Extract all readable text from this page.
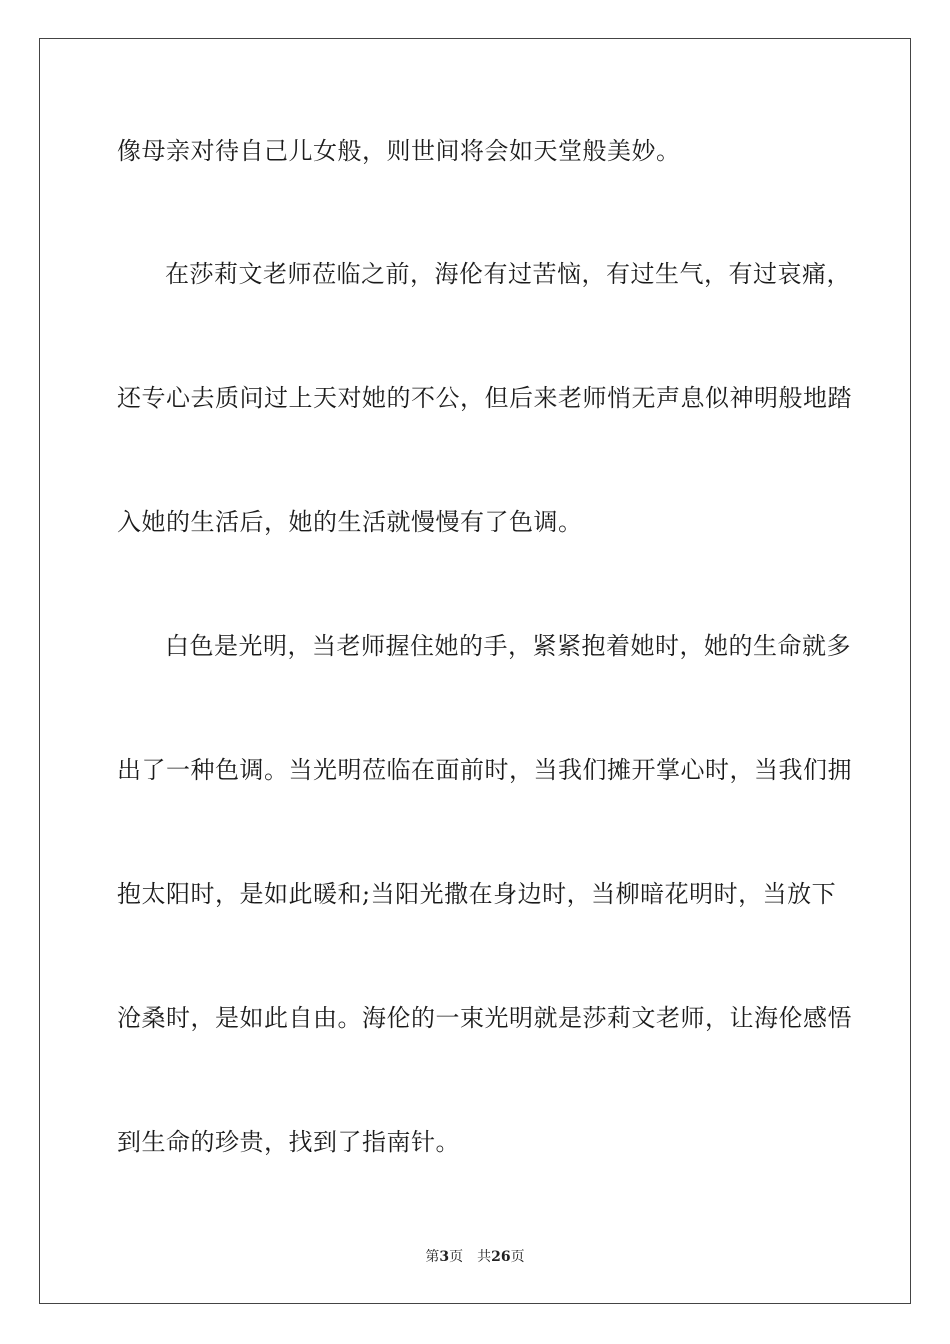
像母亲对待自己儿女般，则世间将会如天堂般美妙。
在莎莉文老师莅临之前，海伦有过苦恼，有过生气，有过哀痛，
还专心去质问过上天对她的不公，但后来老师悄无声息似神明般地踏
入她的生活后，她的生活就慢慢有了色调。
白色是光明，当老师握住她的手，紧紧抱着她时，她的生命就多
出了一种色调。当光明莅临在面前时，当我们摊开掌心时，当我们拥
抱太阳时，是如此暖和;当阳光撒在身边时，当柳暗花明时，当放下
沧桑时，是如此自由。海伦的一束光明就是莎莉文老师，让海伦感悟
到生命的珍贵，找到了指南针。
第3页 共26页
